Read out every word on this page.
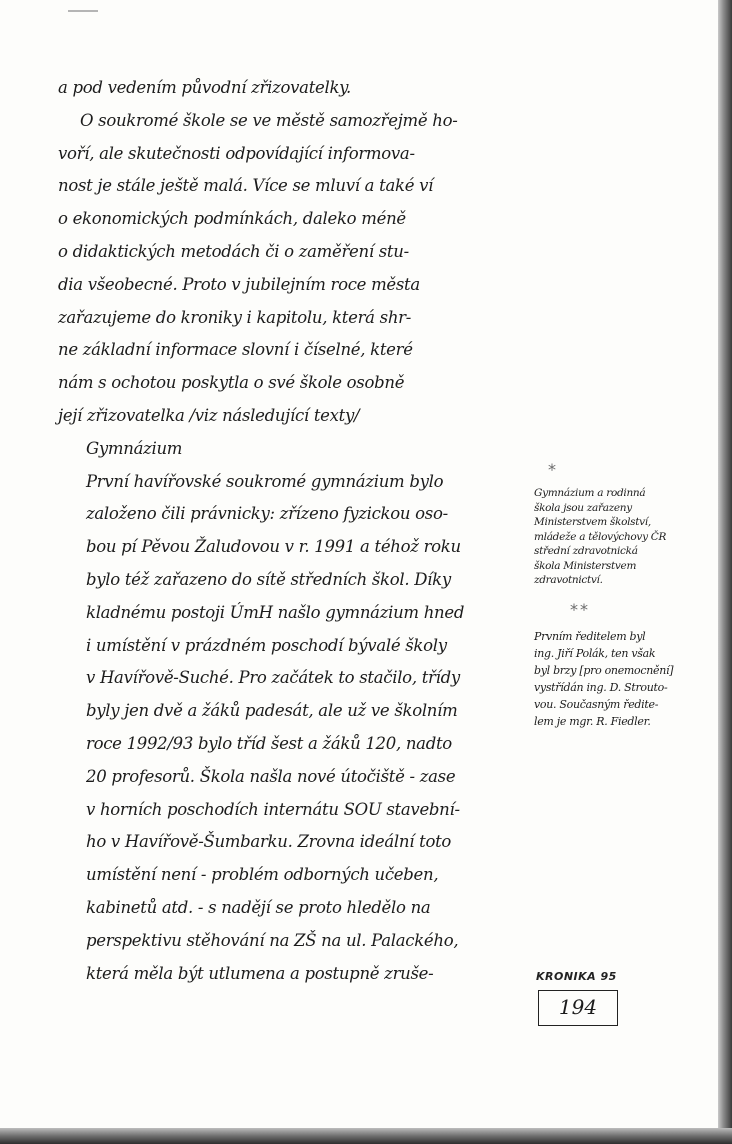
a pod vedením původní zřizovatelky.
O soukromé škole se ve městě samozřejmě ho-
voří, ale skutečnosti odpovídající informova-
nost je stále ještě malá. Více se mluví a také ví
o ekonomických podmínkách, daleko méně
o didaktických metodách či o zaměření stu-
dia všeobecné. Proto v jubilejním roce města
zařazujeme do kroniky i kapitolu, která shr-
ne základní informace slovní i číselné, které
nám s ochotou poskytla o své škole osobně
její zřizovatelka /viz následující texty/
Gymnázium
První havířovské soukromé gymnázium bylo
založeno čili právnicky: zřízeno fyzickou oso-
bou pí Pěvou Žaludovou v r. 1991 a téhož roku
bylo též zařazeno do sítě středních škol. Díky
kladnému postoji ÚmH našlo gymnázium hned
i umístění v prázdném poschodí bývalé školy
v Havířově-Suché. Pro začátek to stačilo, třídy
byly jen dvě a žáků padesát, ale už ve školním
roce 1992/93 bylo tříd šest a žáků 120, nadto
20 profesorů. Škola našla nové útočiště - zase
v horních poschodích internátu SOU stavební-
ho v Havířově-Šumbarku. Zrovna ideální toto
umístění není - problém odborných učeben,
kabinetů atd. - s nadějí se proto hledělo na
perspektivu stěhování na ZŠ na ul. Palackého,
která měla být utlumena a postupně zruše-
*
Gymnázium a rodinná
škola jsou zařazeny
Ministerstvem školství,
mládeže a tělovýchovy ČR
střední zdravotnická
škola Ministerstvem
zdravotnictví.
**
Prvním ředitelem byl
ing. Jiří Polák, ten však
byl brzy [pro onemocnění]
vystřídán ing. D. Strouto-
vou. Současným ředite-
lem je mgr. R. Fiedler.
KRONIKA 95
194
